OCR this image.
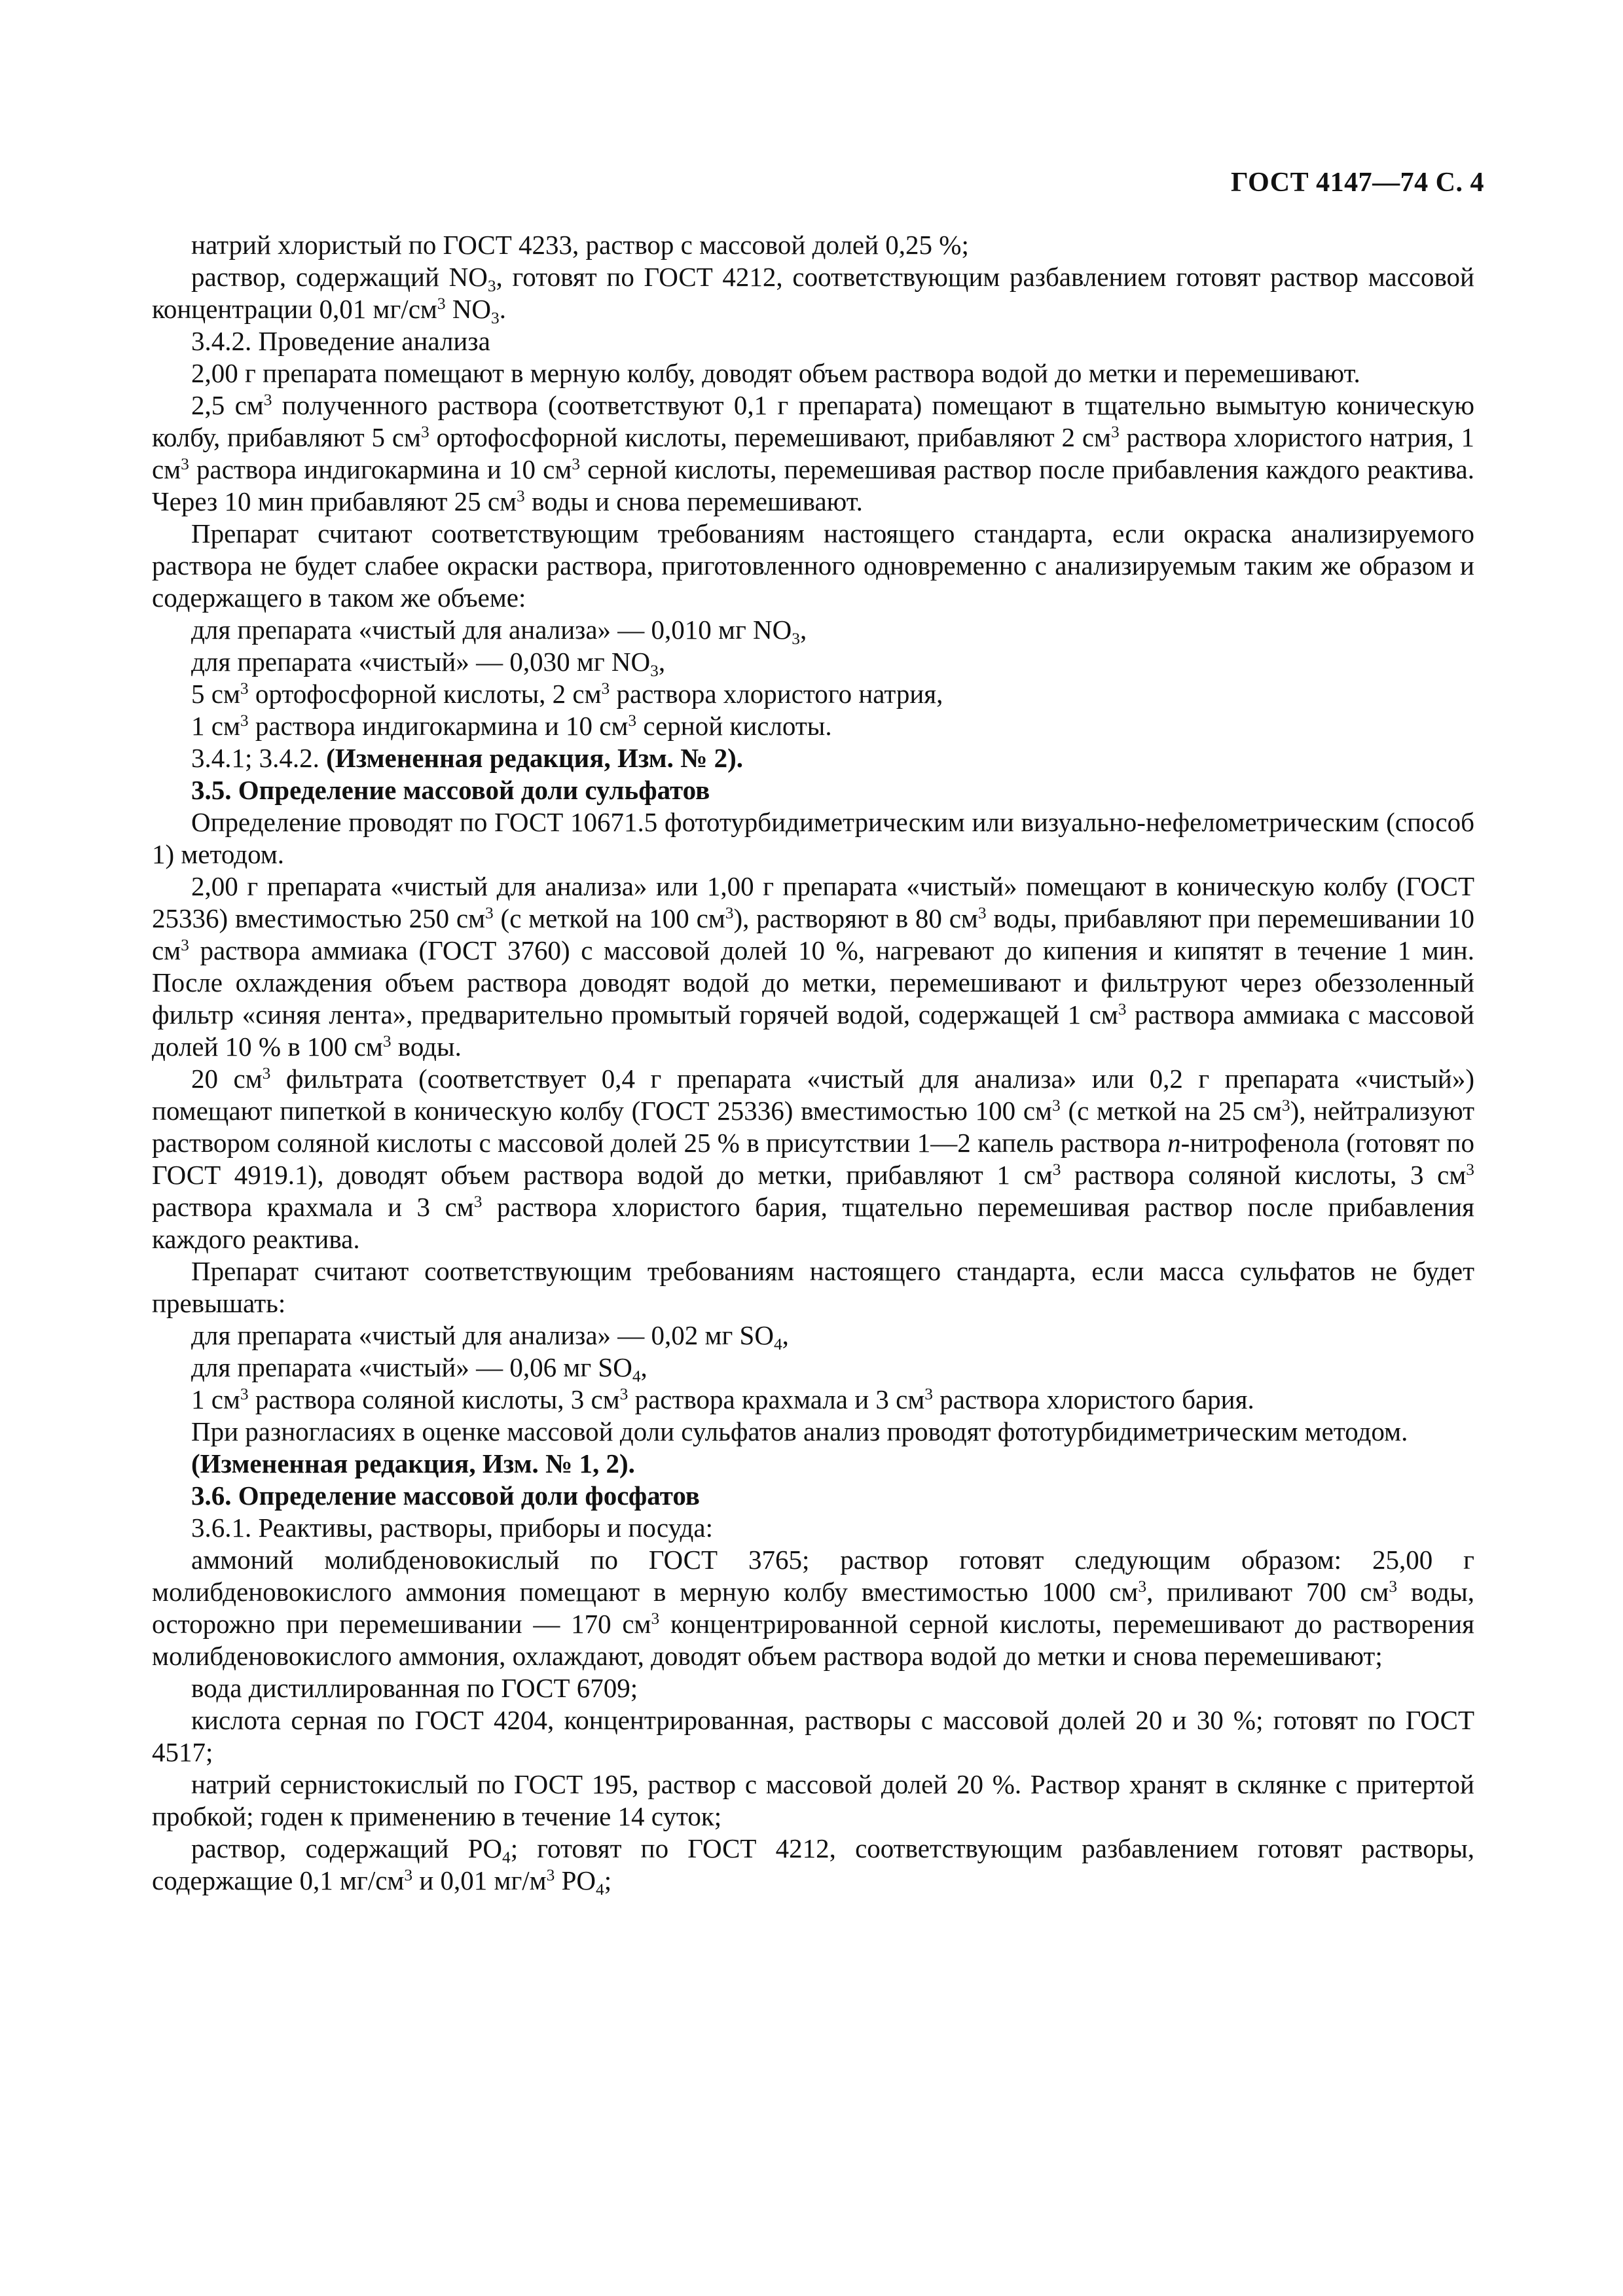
ГОСТ 4147—74 С. 4

натрий хлористый по ГОСТ 4233, раствор с массовой долей 0,25 %;

раствор, содержащий $NO_3$, готовят по ГОСТ 4212, соответствующим разбавлением готовят раствор массовой концентрации 0,01 $мг/см^3$ $NO_3$.

3.4.2. Проведение анализа

2,00 г препарата помещают в мерную колбу, доводят объем раствора водой до метки и перемешивают.

2,5 $см^3$ полученного раствора (соответствуют 0,1 г препарата) помещают в тщательно вымытую коническую колбу, прибавляют 5 $см^3$ ортофосфорной кислоты, перемешивают, прибавляют 2 $см^3$ раствора хлористого натрия, 1 $см^3$ раствора индигокармина и 10 $см^3$ серной кислоты, перемешивая раствор после прибавления каждого реактива. Через 10 мин прибавляют 25 $см^3$ воды и снова перемешивают.

Препарат считают соответствующим требованиям настоящего стандарта, если окраска анализируемого раствора не будет слабее окраски раствора, приготовленного одновременно с анализируемым таким же образом и содержащего в таком же объеме:

для препарата «чистый для анализа» — 0,010 мг $NO_3$,

для препарата «чистый» — 0,030 мг $NO_3$,

5 $см^3$ ортофосфорной кислоты, 2 $см^3$ раствора хлористого натрия,

1 $см^3$ раствора индигокармина и 10 $см^3$ серной кислоты.

3.4.1; 3.4.2. (Измененная редакция, Изм. № 2).

3.5. Определение массовой доли сульфатов

Определение проводят по ГОСТ 10671.5 фототурбидиметрическим или визуально-нефелометрическим (способ 1) методом.

2,00 г препарата «чистый для анализа» или 1,00 г препарата «чистый» помещают в коническую колбу (ГОСТ 25336) вместимостью 250 $см^3$ (с меткой на 100 $см^3$), растворяют в 80 $см^3$ воды, прибавляют при перемешивании 10 $см^3$ раствора аммиака (ГОСТ 3760) с массовой долей 10 %, нагревают до кипения и кипятят в течение 1 мин. После охлаждения объем раствора доводят водой до метки, перемешивают и фильтруют через обеззоленный фильтр «синяя лента», предварительно промытый горячей водой, содержащей 1 $см^3$ раствора аммиака с массовой долей 10 % в 100 $см^3$ воды.

20 $см^3$ фильтрата (соответствует 0,4 г препарата «чистый для анализа» или 0,2 г препарата «чистый») помещают пипеткой в коническую колбу (ГОСТ 25336) вместимостью 100 $см^3$ (с меткой на 25 $см^3$), нейтрализуют раствором соляной кислоты с массовой долей 25 % в присутствии 1—2 капель раствора n-нитрофенола (готовят по ГОСТ 4919.1), доводят объем раствора водой до метки, прибавляют 1 $см^3$ раствора соляной кислоты, 3 $см^3$ раствора крахмала и 3 $см^3$ раствора хлористого бария, тщательно перемешивая раствор после прибавления каждого реактива.

Препарат считают соответствующим требованиям настоящего стандарта, если масса сульфатов не будет превышать:

для препарата «чистый для анализа» — 0,02 мг $SO_4$,

для препарата «чистый» — 0,06 мг $SO_4$,

1 $см^3$ раствора соляной кислоты, 3 $см^3$ раствора крахмала и 3 $см^3$ раствора хлористого бария.

При разногласиях в оценке массовой доли сульфатов анализ проводят фототурбидиметрическим методом.

(Измененная редакция, Изм. № 1, 2).

3.6. Определение массовой доли фосфатов

3.6.1. Реактивы, растворы, приборы и посуда:

аммоний молибденовокислый по ГОСТ 3765; раствор готовят следующим образом: 25,00 г молибденовокислого аммония помещают в мерную колбу вместимостью 1000 $см^3$, приливают 700 $см^3$ воды, осторожно при перемешивании — 170 $см^3$ концентрированной серной кислоты, перемешивают до растворения молибденовокислого аммония, охлаждают, доводят объем раствора водой до метки и снова перемешивают;

вода дистиллированная по ГОСТ 6709;

кислота серная по ГОСТ 4204, концентрированная, растворы с массовой долей 20 и 30 %; готовят по ГОСТ 4517;

натрий сернистокислый по ГОСТ 195, раствор с массовой долей 20 %. Раствор хранят в склянке с притертой пробкой; годен к применению в течение 14 суток;

раствор, содержащий $PO_4$; готовят по ГОСТ 4212, соответствующим разбавлением готовят растворы, содержащие 0,1 $мг/см^3$ и 0,01 $мг/м^3$ $PO_4$;
